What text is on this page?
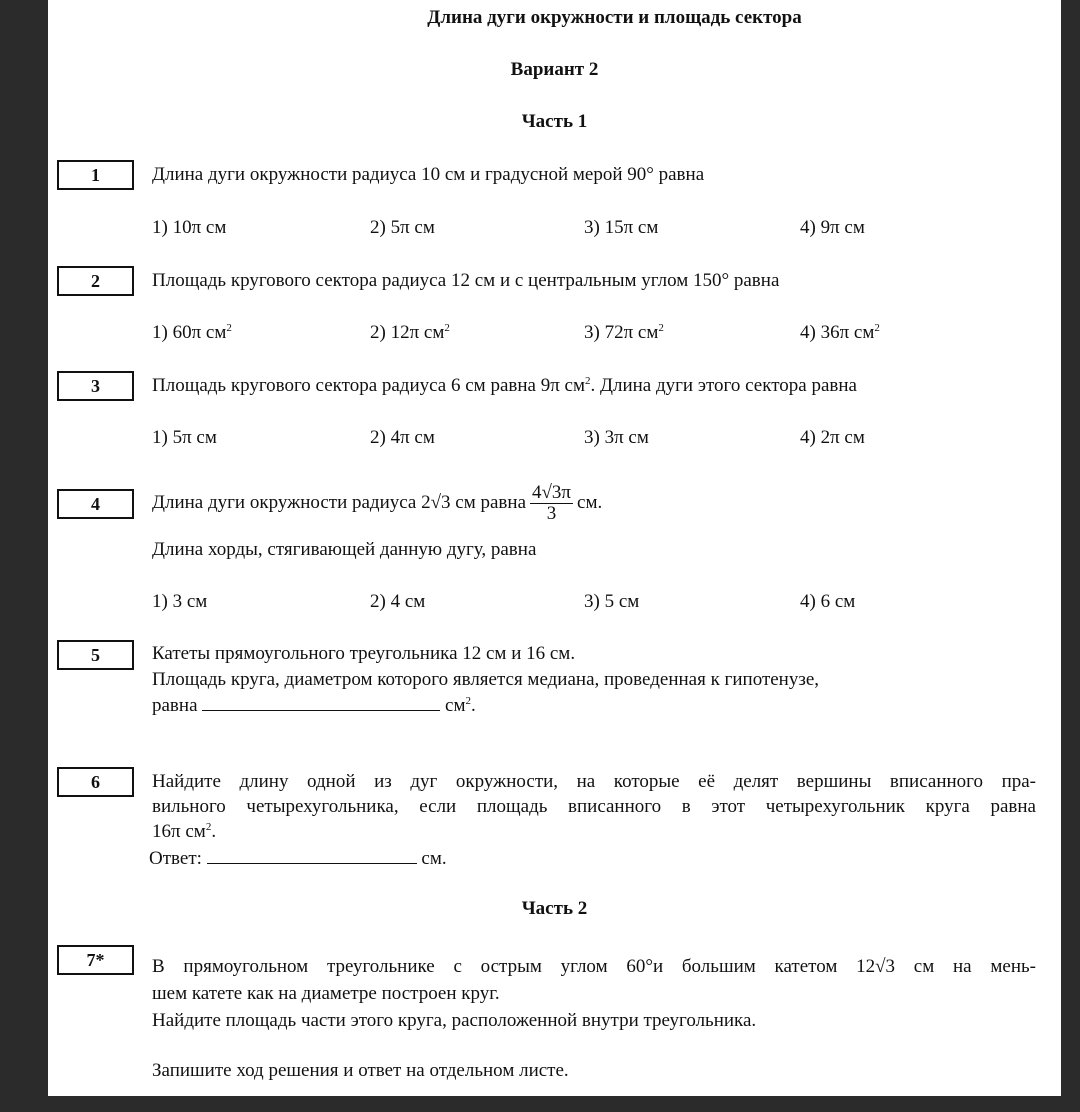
Длина дуги окружности и площадь сектора
Вариант 2
Часть 1
1	Длина дуги окружности радиуса 10 см и градусной мерой 90° равна
1) 10π см	2) 5π см	3) 15π см	4) 9π см
2	Площадь кругового сектора радиуса 12 см и с центральным углом 150° равна
1) 60π $см^2$	2) 12π $см^2$	3) 72π $см^2$	4) 36π $см^2$
3	Площадь кругового сектора радиуса 6 см равна 9π $см^2$. Длина дуги этого сектора равна
1) 5π см	2) 4π см	3) 3π см	4) 2π см
4	Длина дуги окружности радиуса 2√3 см равна $\frac{4√3\pi}{3}$ см.
Длина хорды, стягивающей данную дугу, равна
1) 3 см	2) 4 см	3) 5 см	4) 6 см
5	Катеты прямоугольного треугольника 12 см и 16 см.
Площадь круга, диаметром которого является медиана, проведенная к гипотенузе,
равна	$см^2$.
6	Найдите длину одной из дуг окружности, на которые её делят вершины вписанного пра-
вильного четырехугольника, если площадь вписанного в этот четырехугольник круга равна
16π $см^2$.
Ответ:	см.
Часть 2
7*	В прямоугольном треугольнике с острым углом 60°и большим катетом 12√3 см на мень-
шем катете как на диаметре построен круг.
Найдите площадь части этого круга, расположенной внутри треугольника.
Запишите ход решения и ответ на отдельном листе.
